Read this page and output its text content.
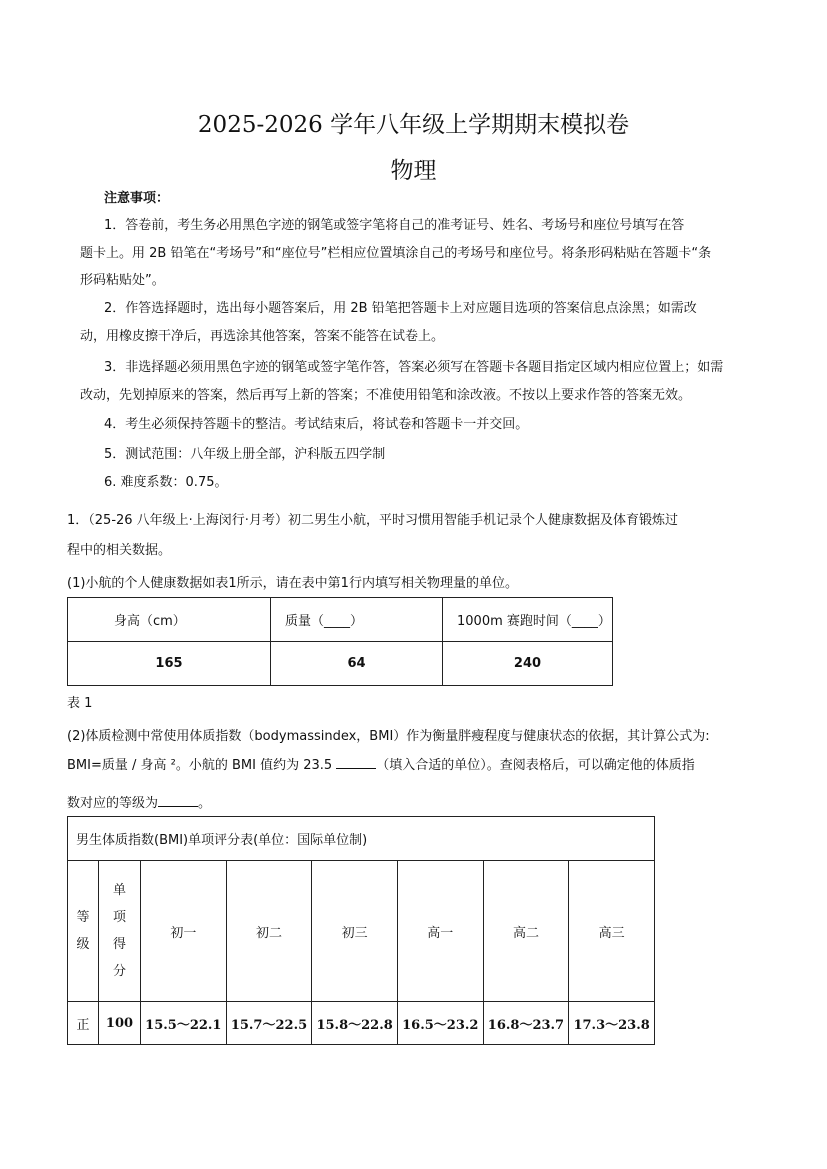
2025-2026 学年八年级上学期期末模拟卷
物理
注意事项：
1．答卷前，考生务必用黑色字迹的钢笔或签字笔将自己的准考证号、姓名、考场号和座位号填写在答
题卡上。用 2B 铅笔在“考场号”和“座位号”栏相应位置填涂自己的考场号和座位号。将条形码粘贴在答题卡“条
形码粘贴处”。
2．作答选择题时，选出每小题答案后，用 2B 铅笔把答题卡上对应题目选项的答案信息点涂黑；如需改
动，用橡皮擦干净后，再选涂其他答案，答案不能答在试卷上。
3．非选择题必须用黑色字迹的钢笔或签字笔作答，答案必须写在答题卡各题目指定区域内相应位置上；如需
改动，先划掉原来的答案，然后再写上新的答案；不准使用铅笔和涂改液。不按以上要求作答的答案无效。
4．考生必须保持答题卡的整洁。考试结束后，将试卷和答题卡一并交回。
5．测试范围：八年级上册全部，沪科版五四学制
6. 难度系数：0.75。
1．（25-26 八年级上·上海闵行·月考）初二男生小航，平时习惯用智能手机记录个人健康数据及体育锻炼过
程中的相关数据。
(1)小航的个人健康数据如表1所示，请在表中第1行内填写相关物理量的单位。
身高（cm）	质量（____）	1000m 赛跑时间（____）
165	64	240
表 1
(2)体质检测中常使用体质指数（bodymassindex，BMI）作为衡量胖瘦程度与健康状态的依据，其计算公式为:
BMI=质量 / 身高 ²。小航的 BMI 值约为 23.5	（填入合适的单位）。查阅表格后，可以确定他的体质指
数对应的等级为	。
男生体质指数(BMI)单项评分表(单位：国际单位制)							
等级	单项得分	初一	初二	初三	高一	高二	高三
正	100	15.5～22.1	15.7～22.5	15.8～22.8	16.5～23.2	16.8～23.7	17.3～23.8
